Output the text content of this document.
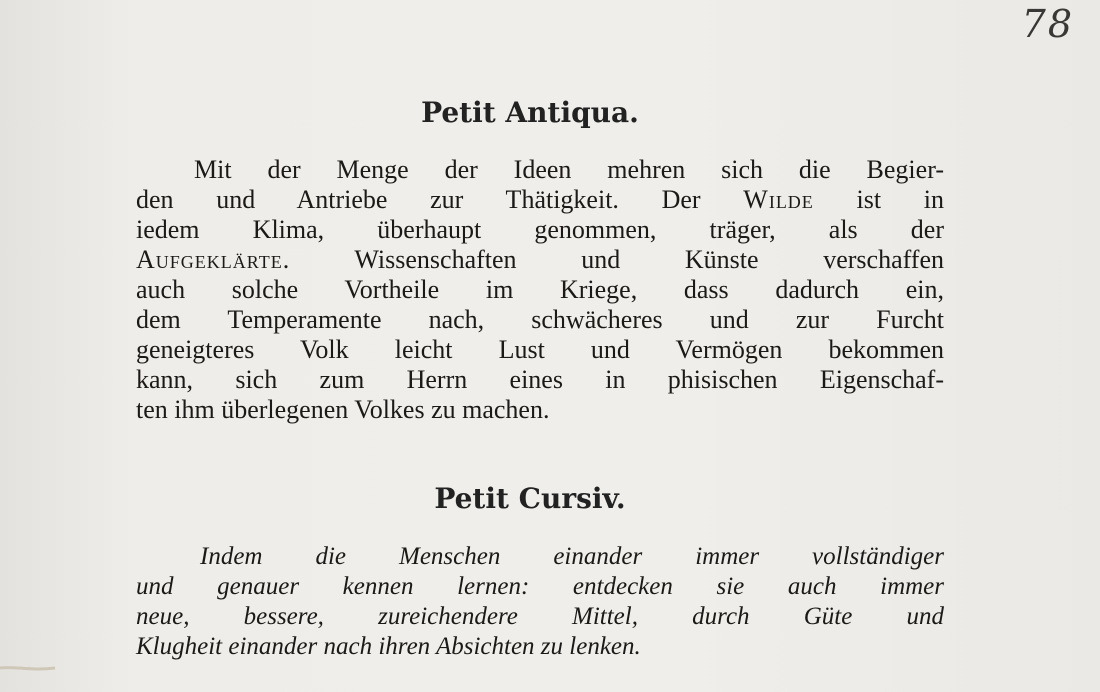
78
Petit Antiqua.
Mit der Menge der Ideen mehren sich die Begier-
den und Antriebe zur Thätigkeit. Der Wilde ist in
iedem Klima, überhaupt genommen, träger, als der
Aufgeklärte. Wissenschaften und Künste verschaffen
auch solche Vortheile im Kriege, dass dadurch ein,
dem Temperamente nach, schwächeres und zur Furcht
geneigteres Volk leicht Lust und Vermögen bekommen
kann, sich zum Herrn eines in phisischen Eigenschaf-
ten ihm überlegenen Volkes zu machen.
Petit Cursiv.
Indem die Menschen einander immer vollständiger
und genauer kennen lernen: entdecken sie auch immer
neue, bessere, zureichendere Mittel, durch Güte und
Klugheit einander nach ihren Absichten zu lenken.
